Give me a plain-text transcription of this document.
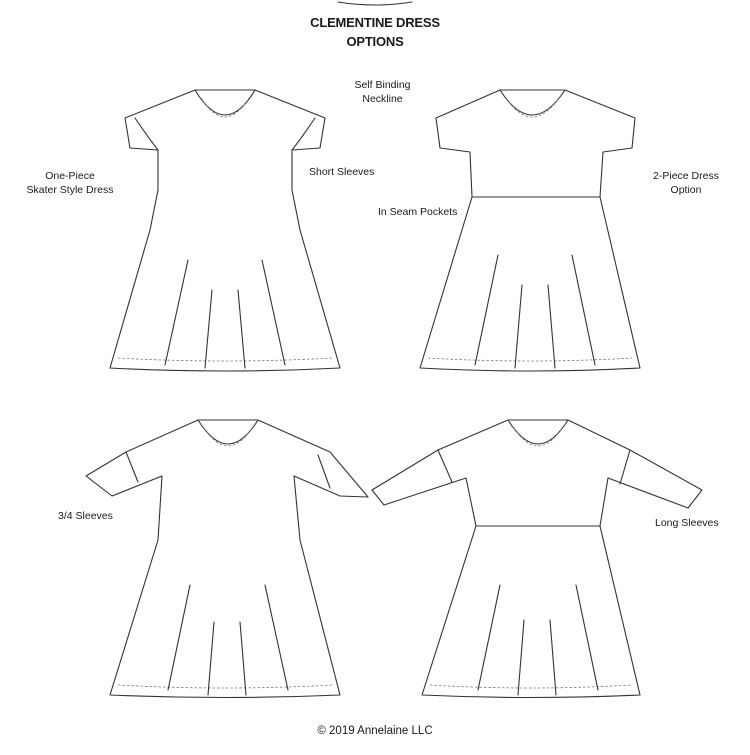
CLEMENTINE DRESS
OPTIONS
Self Binding
Neckline
One-Piece
Skater Style Dress
Short Sleeves	2-Piece Dress
Option
In Seam Pockets
3/4 Sleeves
Long Sleeves
© 2019 Annelaine LLC
